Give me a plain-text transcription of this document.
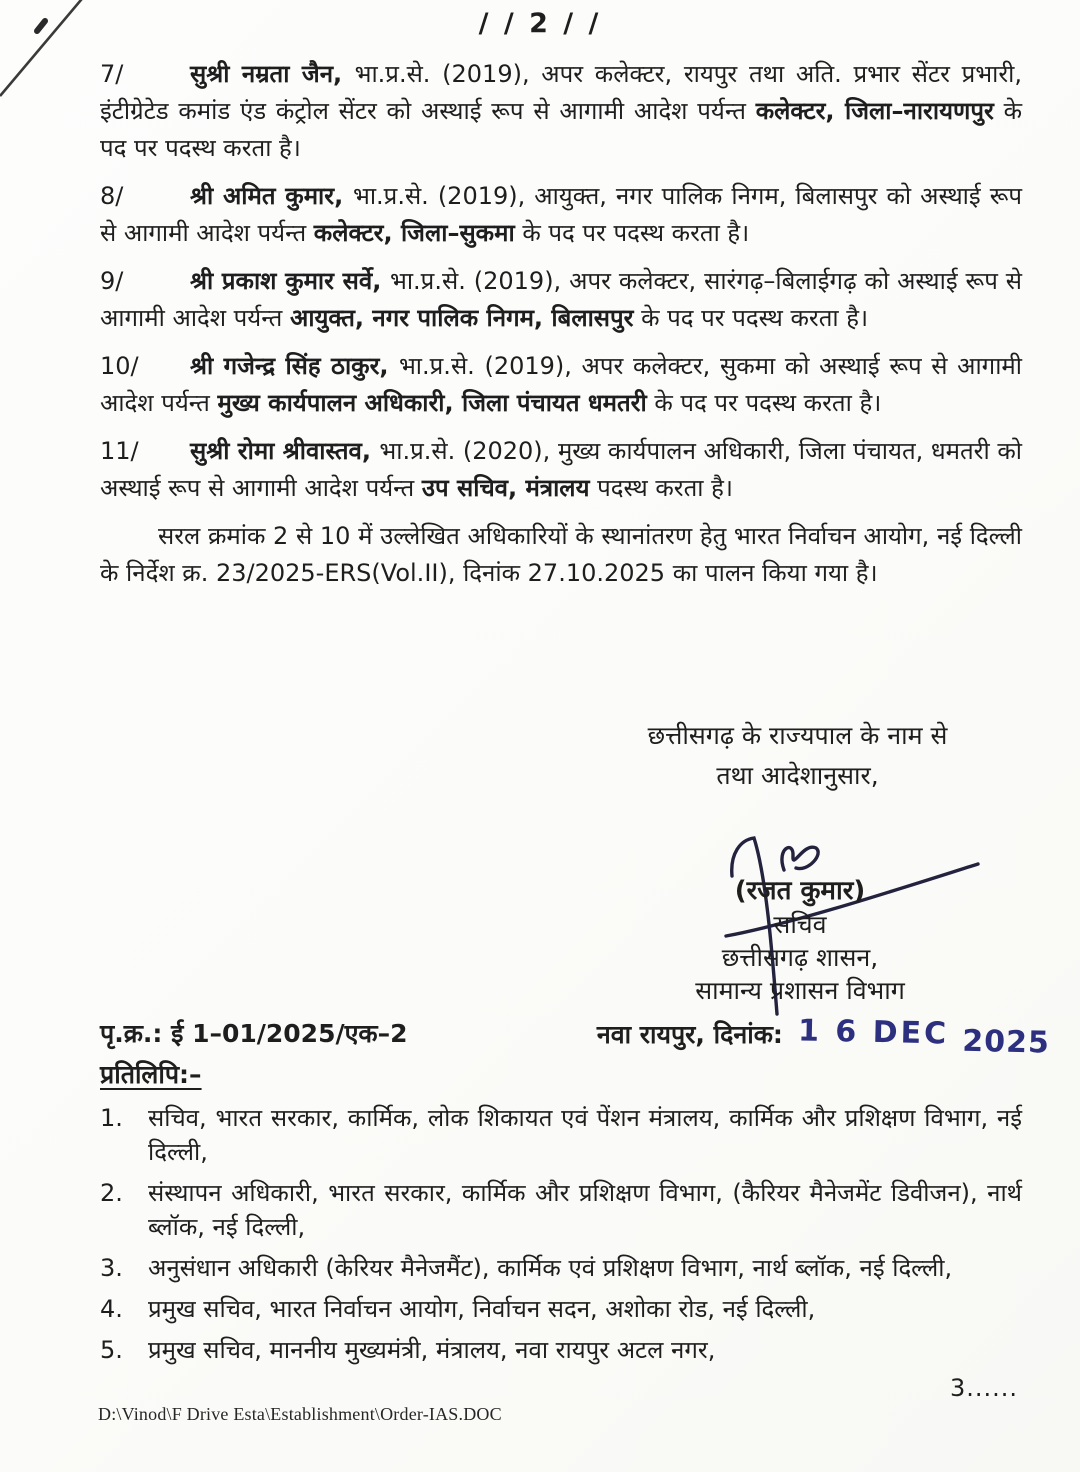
/ / 2 / /

7/	सुश्री नम्रता जैन, भा.प्र.से. (2019), अपर कलेक्टर, रायपुर तथा अति. प्रभार सेंटर प्रभारी, इंटीग्रेटेड कमांड एंड कंट्रोल सेंटर को अस्थाई रूप से आगामी आदेश पर्यन्त कलेक्टर, जिला–नारायणपुर के पद पर पदस्थ करता है।

8/	श्री अमित कुमार, भा.प्र.से. (2019), आयुक्त, नगर पालिक निगम, बिलासपुर को अस्थाई रूप से आगामी आदेश पर्यन्त कलेक्टर, जिला–सुकमा के पद पर पदस्थ करता है।

9/	श्री प्रकाश कुमार सर्वे, भा.प्र.से. (2019), अपर कलेक्टर, सारंगढ़–बिलाईगढ़ को अस्थाई रूप से आगामी आदेश पर्यन्त आयुक्त, नगर पालिक निगम, बिलासपुर के पद पर पदस्थ करता है।

10/ श्री गजेन्द्र सिंह ठाकुर, भा.प्र.से. (2019), अपर कलेक्टर, सुकमा को अस्थाई रूप से आगामी आदेश पर्यन्त मुख्य कार्यपालन अधिकारी, जिला पंचायत धमतरी के पद पर पदस्थ करता है।

11/ सुश्री रोमा श्रीवास्तव, भा.प्र.से. (2020), मुख्य कार्यपालन अधिकारी, जिला पंचायत, धमतरी को अस्थाई रूप से आगामी आदेश पर्यन्त उप सचिव, मंत्रालय पदस्थ करता है।

सरल क्रमांक 2 से 10 में उल्लेखित अधिकारियों के स्थानांतरण हेतु भारत निर्वाचन आयोग, नई दिल्ली के निर्देश क्र. 23/2025-ERS(Vol.II), दिनांक 27.10.2025 का पालन किया गया है।

छत्तीसगढ़ के राज्यपाल के नाम से
तथा आदेशानुसार,
(रजत कुमार)
सचिव
छत्तीसगढ़ शासन,
सामान्य प्रशासन विभाग
पृ.क्र.: ई 1–01/2025/एक–2	नवा रायपुर, दिनांक: 1 6 DEC 2025
प्रतिलिपि:–
1.	सचिव, भारत सरकार, कार्मिक, लोक शिकायत एवं पेंशन मंत्रालय, कार्मिक और प्रशिक्षण विभाग, नई दिल्ली,
2.	संस्थापन अधिकारी, भारत सरकार, कार्मिक और प्रशिक्षण विभाग, (कैरियर मैनेजमेंट डिवीजन), नार्थ ब्लॉक, नई दिल्ली,
3.	अनुसंधान अधिकारी (केरियर मैनेजमैंट), कार्मिक एवं प्रशिक्षण विभाग, नार्थ ब्लॉक, नई दिल्ली,
4.	प्रमुख सचिव, भारत निर्वाचन आयोग, निर्वाचन सदन, अशोका रोड, नई दिल्ली,
5.	प्रमुख सचिव, माननीय मुख्यमंत्री, मंत्रालय, नवा रायपुर अटल नगर,
3......
D:\Vinod\F Drive Esta\Establishment\Order-IAS.DOC
